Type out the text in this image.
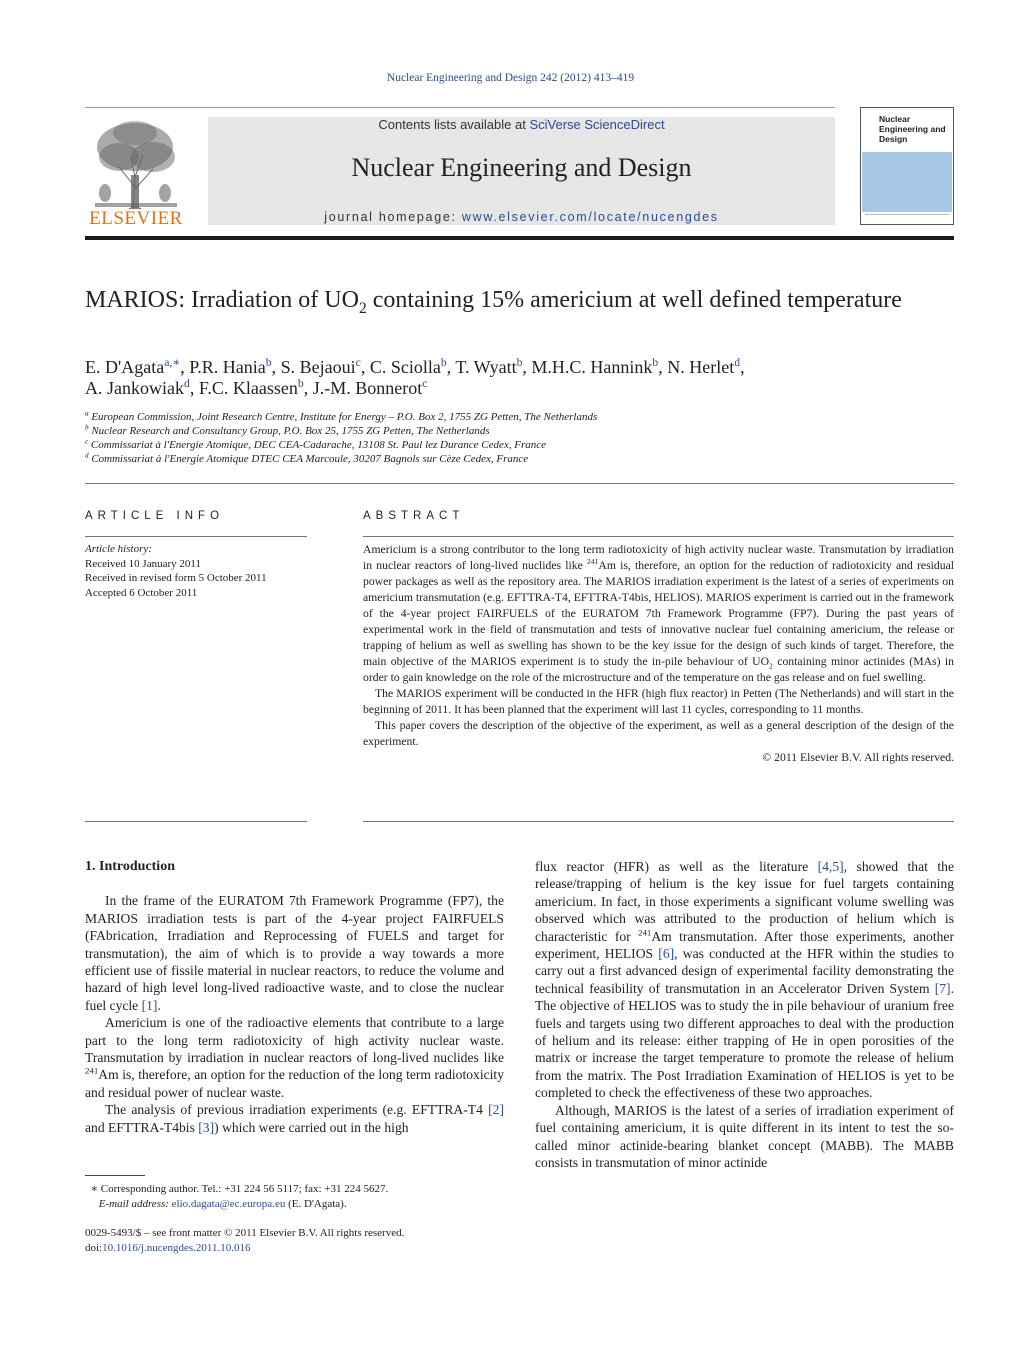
Nuclear Engineering and Design 242 (2012) 413–419
ELSEVIER
Contents lists available at SciVerse ScienceDirect
Nuclear Engineering and Design
journal homepage: www.elsevier.com/locate/nucengdes
Nuclear Engineering and Design
MARIOS: Irradiation of $UO_2$ containing 15% americium at well defined temperature
E. D'Agata$^{a,∗}$, P.R. Hania$^b$, S. Bejaoui$^c$, C. Sciolla$^b$, T. Wyatt$^b$, M.H.C. Hannink$^b$, N. Herlet$^d$,
A. Jankowiak$^d$, F.C. Klaassen$^b$, J.-M. Bonnerot$^c$
$^a$ European Commission, Joint Research Centre, Institute for Energy – P.O. Box 2, 1755 ZG Petten, The Netherlands
$^b$ Nuclear Research and Consultancy Group, P.O. Box 25, 1755 ZG Petten, The Netherlands
$^c$ Commissariat à l'Energie Atomique, DEC CEA-Cadarache, 13108 St. Paul lez Durance Cedex, France
$^d$ Commissariat à l'Energie Atomique DTEC CEA Marcoule, 30207 Bagnols sur Cèze Cedex, France
ARTICLE INFO	ABSTRACT
Article history:
Received 10 January 2011
Received in revised form 5 October 2011
Accepted 6 October 2011

Americium is a strong contributor to the long term radiotoxicity of high activity nuclear waste. Transmutation by irradiation in nuclear reactors of long-lived nuclides like $^{241}$Am is, therefore, an option for the reduction of radiotoxicity and residual power packages as well as the repository area. The MARIOS irradiation experiment is the latest of a series of experiments on americium transmutation (e.g. EFTTRA-T4, EFTTRA-T4bis, HELIOS). MARIOS experiment is carried out in the framework of the 4-year project FAIRFUELS of the EURATOM 7th Framework Programme (FP7). During the past years of experimental work in the field of transmutation and tests of innovative nuclear fuel containing americium, the release or trapping of helium as well as swelling has shown to be the key issue for the design of such kinds of target. Therefore, the main objective of the MARIOS experiment is to study the in-pile behaviour of $UO_2$ containing minor actinides (MAs) in order to gain knowledge on the role of the microstructure and of the temperature on the gas release and on fuel swelling.

The MARIOS experiment will be conducted in the HFR (high flux reactor) in Petten (The Netherlands) and will start in the beginning of 2011. It has been planned that the experiment will last 11 cycles, corresponding to 11 months.

This paper covers the description of the objective of the experiment, as well as a general description of the design of the experiment.

© 2011 Elsevier B.V. All rights reserved.

1. Introduction

In the frame of the EURATOM 7th Framework Programme (FP7), the MARIOS irradiation tests is part of the 4-year project FAIRFUELS (FAbrication, Irradiation and Reprocessing of FUELS and target for transmutation), the aim of which is to provide a way towards a more efficient use of fissile material in nuclear reactors, to reduce the volume and hazard of high level long-lived radioactive waste, and to close the nuclear fuel cycle [1].

Americium is one of the radioactive elements that contribute to a large part to the long term radiotoxicity of high activity nuclear waste. Transmutation by irradiation in nuclear reactors of long-lived nuclides like $^{241}$Am is, therefore, an option for the reduction of the long term radiotoxicity and residual power of nuclear waste.

The analysis of previous irradiation experiments (e.g. EFTTRA-T4 [2] and EFTTRA-T4bis [3]) which were carried out in the high

flux reactor (HFR) as well as the literature [4,5], showed that the release/trapping of helium is the key issue for fuel targets containing americium. In fact, in those experiments a significant volume swelling was observed which was attributed to the production of helium which is characteristic for $^{241}$Am transmutation. After those experiments, another experiment, HELIOS [6], was conducted at the HFR within the studies to carry out a first advanced design of experimental facility demonstrating the technical feasibility of transmutation in an Accelerator Driven System [7]. The objective of HELIOS was to study the in pile behaviour of uranium free fuels and targets using two different approaches to deal with the production of helium and its release: either trapping of He in open porosities of the matrix or increase the target temperature to promote the release of helium from the matrix. The Post Irradiation Examination of HELIOS is yet to be completed to check the effectiveness of these two approaches.

Although, MARIOS is the latest of a series of irradiation experiment of fuel containing americium, it is quite different in its intent to test the so-called minor actinide-bearing blanket concept (MABB). The MABB consists in transmutation of minor actinide

∗ Corresponding author. Tel.: +31 224 56 5117; fax: +31 224 5627.
E-mail address: elio.dagata@ec.europa.eu (E. D'Agata).
0029-5493/$ – see front matter © 2011 Elsevier B.V. All rights reserved.
doi:10.1016/j.nucengdes.2011.10.016
